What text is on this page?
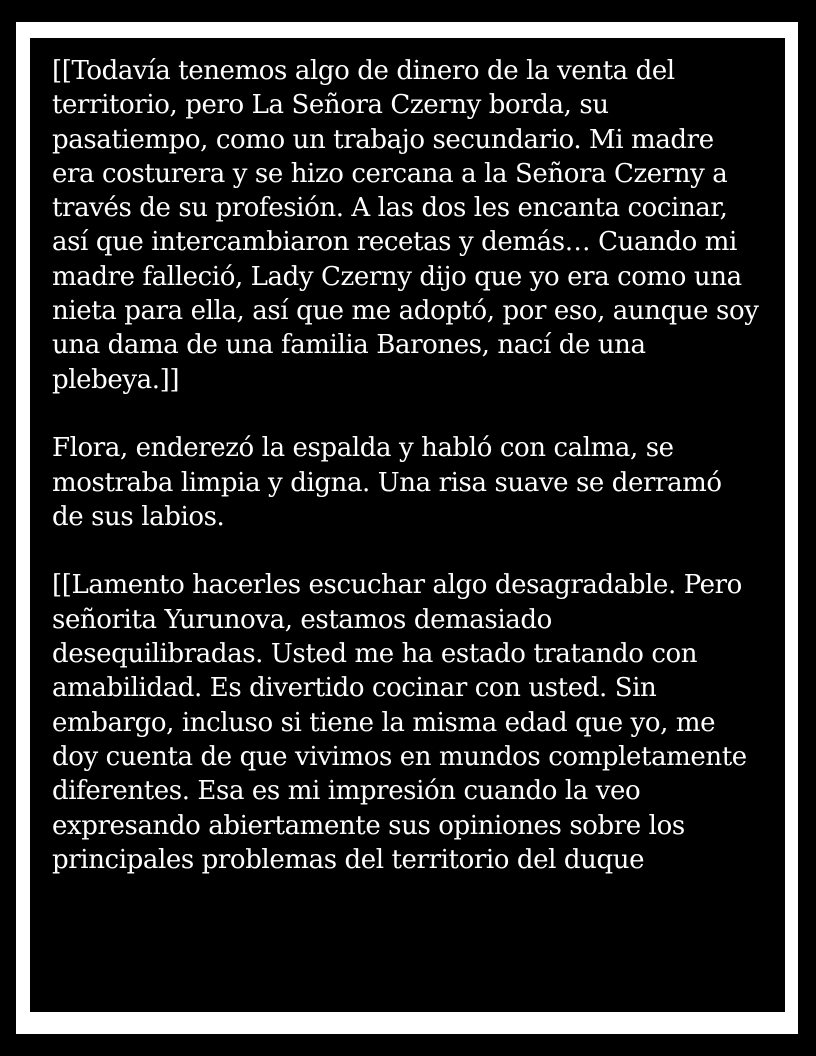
[[Todavía tenemos algo de dinero de la venta del
territorio, pero La Señora Czerny borda, su
pasatiempo, como un trabajo secundario. Mi madre
era costurera y se hizo cercana a la Señora Czerny a
través de su profesión. A las dos les encanta cocinar,
así que intercambiaron recetas y demás… Cuando mi
madre falleció, Lady Czerny dijo que yo era como una
nieta para ella, así que me adoptó, por eso, aunque soy
una dama de una familia Barones, nací de una
plebeya.]]

Flora, enderezó la espalda y habló con calma, se
mostraba limpia y digna. Una risa suave se derramó
de sus labios.

[[Lamento hacerles escuchar algo desagradable. Pero
señorita Yurunova, estamos demasiado
desequilibradas. Usted me ha estado tratando con
amabilidad. Es divertido cocinar con usted. Sin
embargo, incluso si tiene la misma edad que yo, me
doy cuenta de que vivimos en mundos completamente
diferentes. Esa es mi impresión cuando la veo
expresando abiertamente sus opiniones sobre los
principales problemas del territorio del duque
